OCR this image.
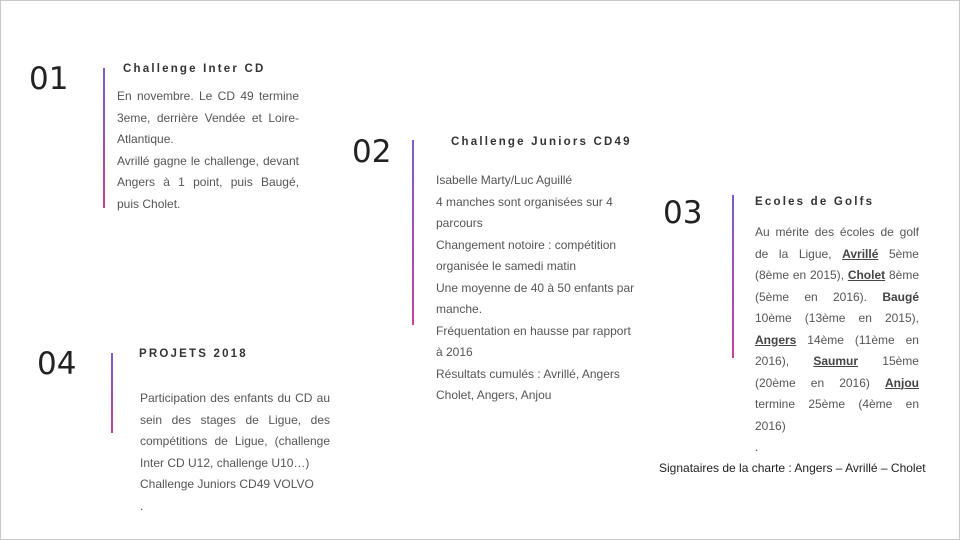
01	Challenge Inter CD

En novembre. Le CD 49 termine 3eme, derrière Vendée et Loire-Atlantique.

Avrillé gagne le challenge, devant Angers à 1 point, puis Baugé, puis Cholet.

02	Challenge Juniors CD49

Isabelle Marty/Luc Aguillé

4 manches sont organisées sur 4 parcours

Changement notoire : compétition organisée le samedi matin

Une moyenne de 40 à 50 enfants par manche.

Fréquentation en hausse par rapport à 2016

Résultats cumulés : Avrillé, Angers Cholet, Angers, Anjou

03	Ecoles de Golfs
Au mérite des écoles de golf de la Ligue, Avrillé 5ème (8ème en 2015), Cholet 8ème (5ème en 2016). Baugé 10ème (13ème en 2015), Angers 14ème (11ème en 2016), Saumur 15ème (20ème en 2016) Anjou termine 25ème (4ème en 2016)

.

04	PROJETS 2018

Participation des enfants du CD au sein des stages de Ligue, des compétitions de Ligue, (challenge Inter CD U12, challenge U10…)

Challenge Juniors CD49 VOLVO

.

Signataires de la charte : Angers – Avrillé – Cholet
